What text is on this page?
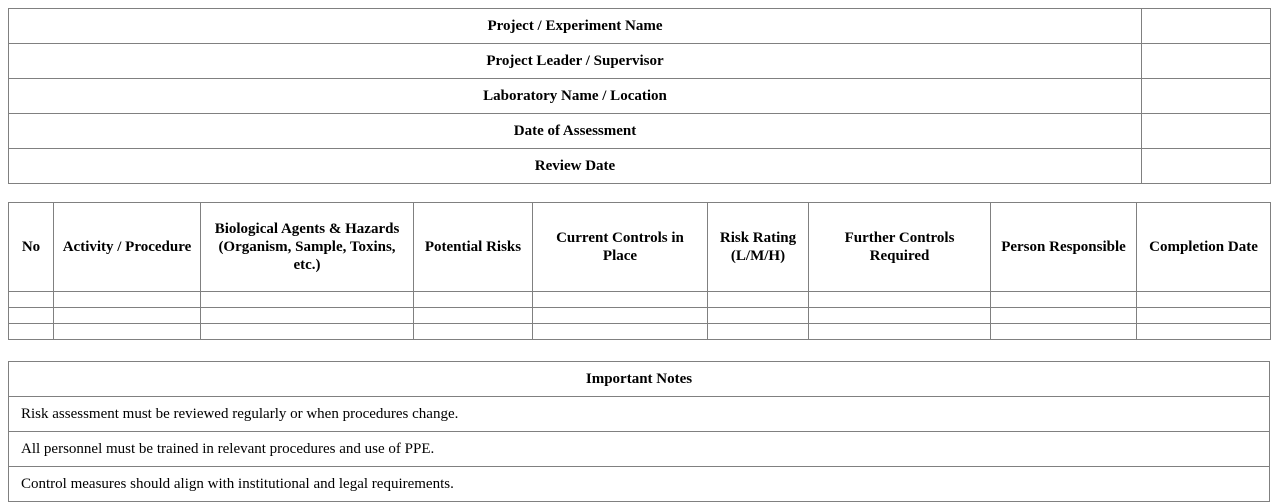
Project / Experiment Name	
Project Leader / Supervisor	
Laboratory Name / Location	
Date of Assessment	
Review Date	
No	Activity / Procedure	Biological Agents & Hazards (Organism, Sample, Toxins, etc.)	Potential Risks	Current Controls in Place	Risk Rating (L/M/H)	Further Controls Required	Person Responsible	Completion Date

Important Notes
Risk assessment must be reviewed regularly or when procedures change.
All personnel must be trained in relevant procedures and use of PPE.
Control measures should align with institutional and legal requirements.
